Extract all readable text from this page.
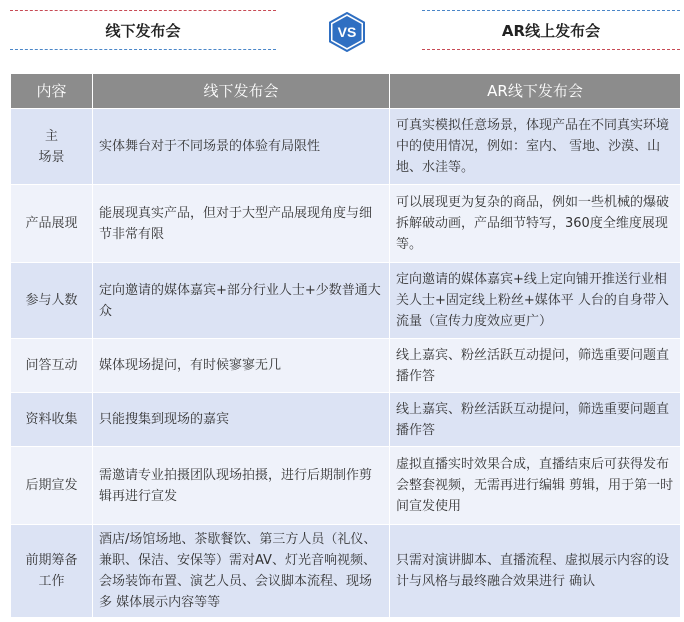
线下发布会	VS	AR线上发布会
内容	线下发布会	AR线下发布会
主
场景	实体舞台对于不同场景的体验有局限性	可真实模拟任意场景，体现产品在不同真实环境中的使用情况，例如：室内、 雪地、沙漠、山地、水洼等。
产品展现	能展现真实产品，但对于大型产品展现角度与细节非常有限	可以展现更为复杂的商品，例如一些机械的爆破拆解破动画，产品细节特写，360度全维度展现等。
参与人数	定向邀请的媒体嘉宾+部分行业人士+少数普通大众	定向邀请的媒体嘉宾+线上定向铺开推送行业相关人士+固定线上粉丝+媒体平 人台的自身带入流量（宣传力度效应更广）
问答互动	媒体现场提问，有时候寥寥无几	线上嘉宾、粉丝活跃互动提问，筛选重要问题直播作答
资料收集	只能搜集到现场的嘉宾	线上嘉宾、粉丝活跃互动提问，筛选重要问题直播作答
后期宣发	需邀请专业拍摄团队现场拍摄，进行后期制作剪辑再进行宣发	虚拟直播实时效果合成，直播结束后可获得发布会整套视频，无需再进行编辑 剪辑，用于第一时间宣发使用
前期筹备工作	酒店/场馆场地、茶歇餐饮、第三方人员（礼仪、兼职、保洁、安保等）需对AV、灯光音响视频、会场装饰布置、演艺人员、会议脚本流程、现场多 媒体展示内容等等	只需对演讲脚本、直播流程、虚拟展示内容的设计与风格与最终融合效果进行 确认
